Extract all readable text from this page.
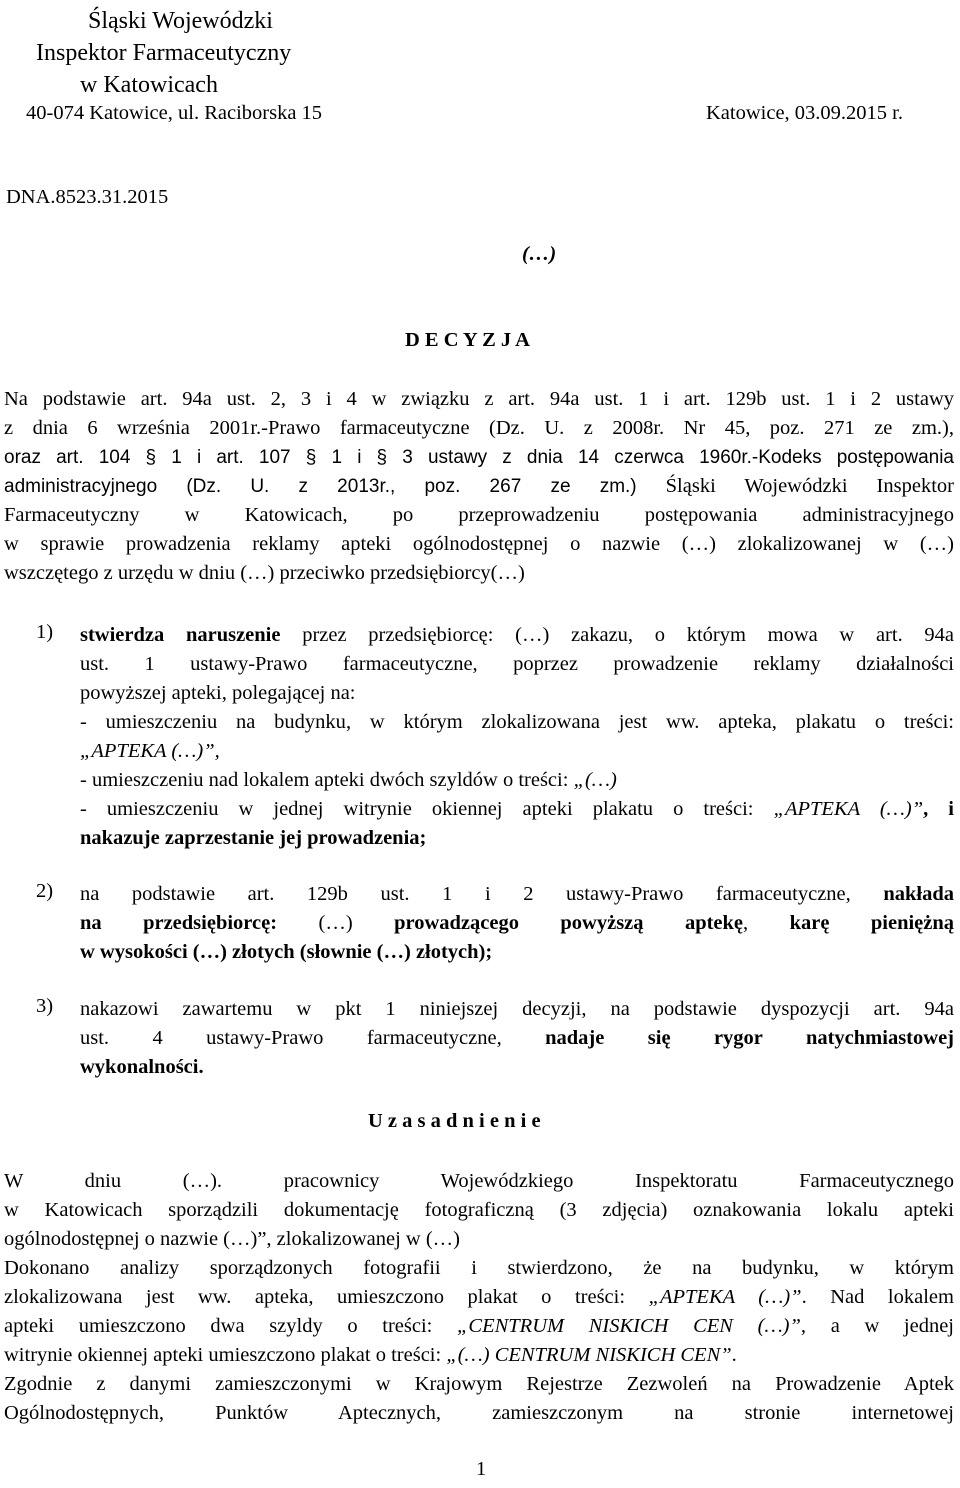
Śląski Wojewódzki
Inspektor Farmaceutyczny
w Katowicach
40-074 Katowice, ul. Raciborska 15	Katowice, 03.09.2015 r.
DNA.8523.31.2015
(…)
D E C Y Z J A
Na podstawie art. 94a ust. 2, 3 i 4 w związku z art. 94a ust. 1 i art. 129b ust. 1 i 2 ustawy
z dnia 6 września 2001r.-Prawo farmaceutyczne (Dz. U. z 2008r. Nr 45, poz. 271 ze zm.),
oraz art. 104 § 1 i art. 107 § 1 i § 3 ustawy z dnia 14 czerwca 1960r.-Kodeks postępowania
administracyjnego (Dz. U. z 2013r., poz. 267 ze zm.) Śląski Wojewódzki Inspektor
Farmaceutyczny w Katowicach, po przeprowadzeniu postępowania administracyjnego
w sprawie prowadzenia reklamy apteki ogólnodostępnej o nazwie (…) zlokalizowanej w (…)
wszczętego z urzędu w dniu (…) przeciwko przedsiębiorcy(…)
1) stwierdza naruszenie przez przedsiębiorcę: (…) zakazu, o którym mowa w art. 94a
ust. 1 ustawy-Prawo farmaceutyczne, poprzez prowadzenie reklamy działalności
powyższej apteki, polegającej na:
- umieszczeniu na budynku, w którym zlokalizowana jest ww. apteka, plakatu o treści:
„APTEKA (…)”,
- umieszczeniu nad lokalem apteki dwóch szyldów o treści: „(…)
- umieszczeniu w jednej witrynie okiennej apteki plakatu o treści: „APTEKA (…)”, i
nakazuje zaprzestanie jej prowadzenia;
2) na podstawie art. 129b ust. 1 i 2 ustawy-Prawo farmaceutyczne, nakłada
na przedsiębiorcę: (…) prowadzącego powyższą aptekę, karę pieniężną
w wysokości (…) złotych (słownie (…) złotych);
3) nakazowi zawartemu w pkt 1 niniejszej decyzji, na podstawie dyspozycji art. 94a
ust. 4 ustawy-Prawo farmaceutyczne, nadaje się rygor natychmiastowej
wykonalności.
U z a s a d n i e n i e
W dniu (…). pracownicy Wojewódzkiego Inspektoratu Farmaceutycznego
w Katowicach sporządzili dokumentację fotograficzną (3 zdjęcia) oznakowania lokalu apteki
ogólnodostępnej o nazwie (…)”, zlokalizowanej w (…)
Dokonano analizy sporządzonych fotografii i stwierdzono, że na budynku, w którym
zlokalizowana jest ww. apteka, umieszczono plakat o treści: „APTEKA (…)”. Nad lokalem
apteki umieszczono dwa szyldy o treści: „CENTRUM NISKICH CEN (…)”, a w jednej
witrynie okiennej apteki umieszczono plakat o treści: „(…) CENTRUM NISKICH CEN”.
Zgodnie z danymi zamieszczonymi w Krajowym Rejestrze Zezwoleń na Prowadzenie Aptek
Ogólnodostępnych, Punktów Aptecznych, zamieszczonym na stronie internetowej
1
